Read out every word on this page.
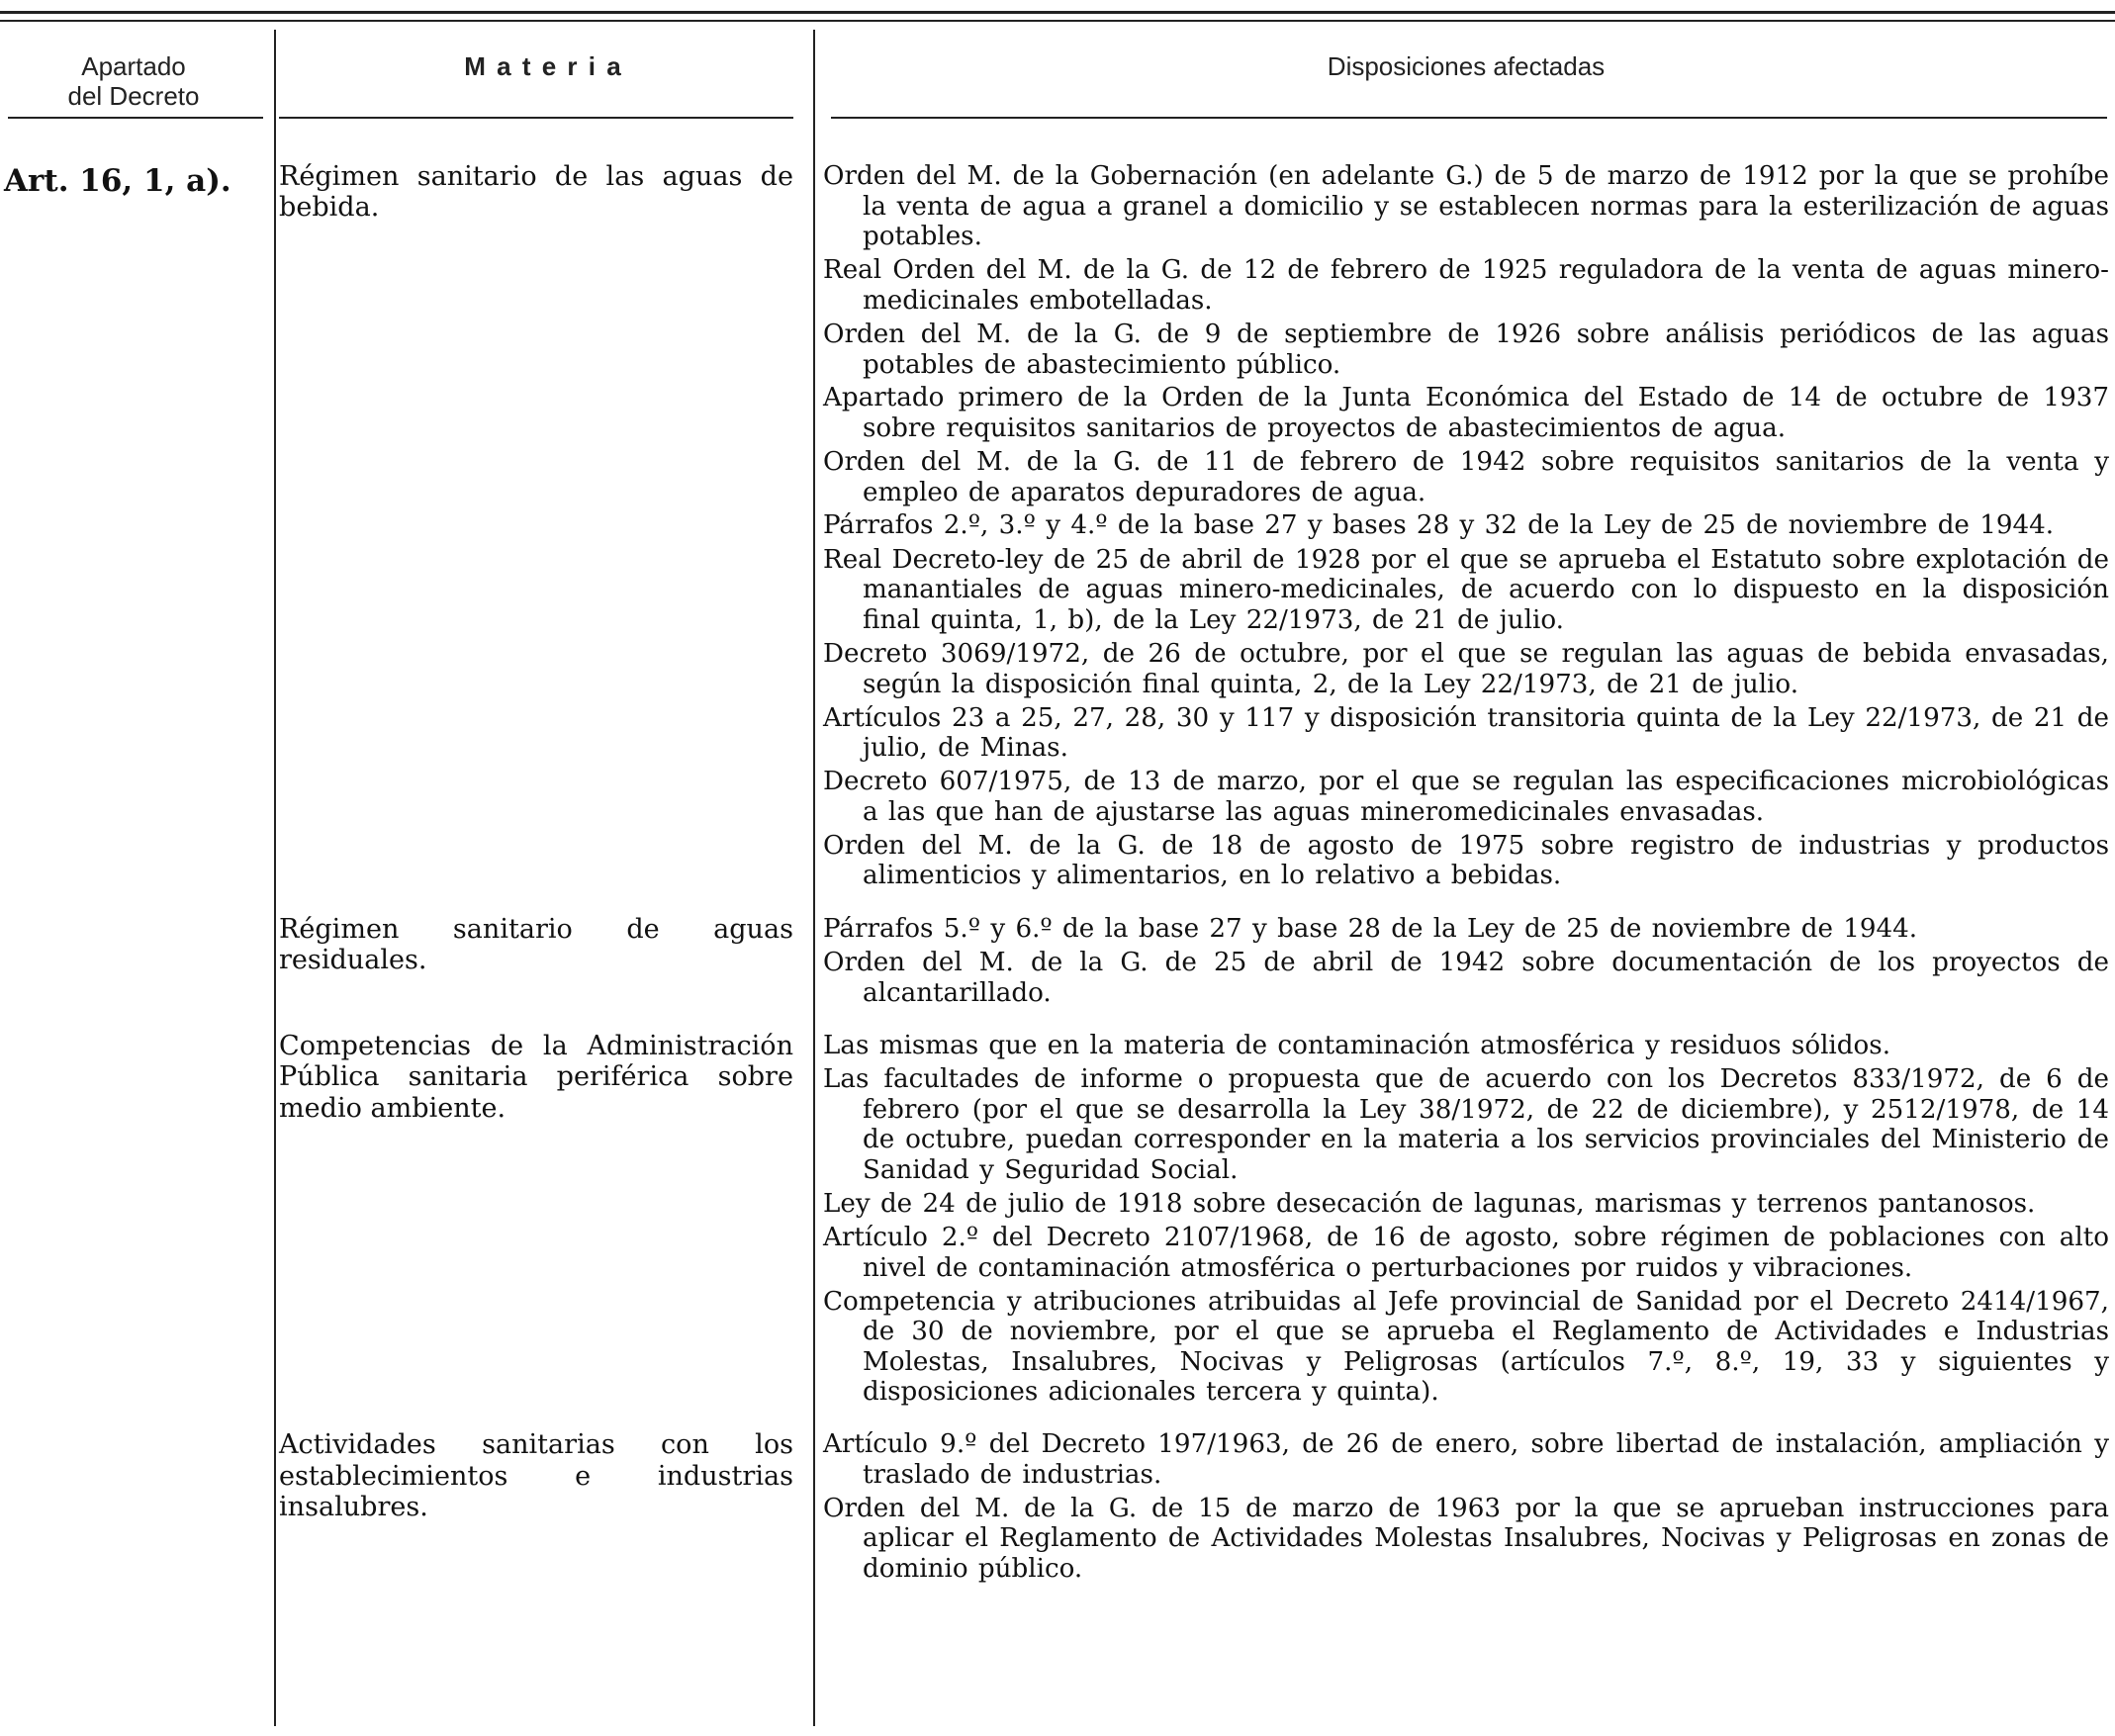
Apartado
del Decreto
M a t e r i a	Disposiciones afectadas
Art. 16, 1, a).	Régimen sanitario de las aguas de bebida.
Orden del M. de la Gobernación (en adelante G.) de 5 de marzo de 1912 por la que se prohíbe la venta de agua a granel a domicilio y se establecen normas para la esterilización de aguas potables.
Real Orden del M. de la G. de 12 de febrero de 1925 reguladora de la venta de aguas minero-medicinales embotelladas.
Orden del M. de la G. de 9 de septiembre de 1926 sobre análisis periódicos de las aguas potables de abastecimiento público.
Apartado primero de la Orden de la Junta Económica del Estado de 14 de octubre de 1937 sobre requisitos sanitarios de proyectos de abastecimientos de agua.
Orden del M. de la G. de 11 de febrero de 1942 sobre requisitos sanitarios de la venta y empleo de aparatos depuradores de agua.
Párrafos 2.º, 3.º y 4.º de la base 27 y bases 28 y 32 de la Ley de 25 de noviembre de 1944.
Real Decreto-ley de 25 de abril de 1928 por el que se aprueba el Estatuto sobre explotación de manantiales de aguas minero-medicinales, de acuerdo con lo dispuesto en la disposición final quinta, 1, b), de la Ley 22/1973, de 21 de julio.
Decreto 3069/1972, de 26 de octubre, por el que se regulan las aguas de bebida envasadas, según la disposición final quinta, 2, de la Ley 22/1973, de 21 de julio.
Artículos 23 a 25, 27, 28, 30 y 117 y disposición transitoria quinta de la Ley 22/1973, de 21 de julio, de Minas.
Decreto 607/1975, de 13 de marzo, por el que se regulan las especificaciones microbiológicas a las que han de ajustarse las aguas mineromedicinales envasadas.
Orden del M. de la G. de 18 de agosto de 1975 sobre registro de industrias y productos alimenticios y alimentarios, en lo relativo a bebidas.
Régimen sanitario de aguas residuales.
Párrafos 5.º y 6.º de la base 27 y base 28 de la Ley de 25 de noviembre de 1944.
Orden del M. de la G. de 25 de abril de 1942 sobre documentación de los proyectos de alcantarillado.
Competencias de la Administración Pública sanitaria periférica sobre medio ambiente.
Las mismas que en la materia de contaminación atmosférica y residuos sólidos.
Las facultades de informe o propuesta que de acuerdo con los Decretos 833/1972, de 6 de febrero (por el que se desarrolla la Ley 38/1972, de 22 de diciembre), y 2512/1978, de 14 de octubre, puedan corresponder en la materia a los servicios provinciales del Ministerio de Sanidad y Seguridad Social.
Ley de 24 de julio de 1918 sobre desecación de lagunas, marismas y terrenos pantanosos.
Artículo 2.º del Decreto 2107/1968, de 16 de agosto, sobre régimen de poblaciones con alto nivel de contaminación atmosférica o perturbaciones por ruidos y vibraciones.
Competencia y atribuciones atribuidas al Jefe provincial de Sanidad por el Decreto 2414/1967, de 30 de noviembre, por el que se aprueba el Reglamento de Actividades e Industrias Molestas, Insalubres, Nocivas y Peligrosas (artículos 7.º, 8.º, 19, 33 y siguientes y disposiciones adicionales tercera y quinta).
Actividades sanitarias con los establecimientos e industrias insalubres.
Artículo 9.º del Decreto 197/1963, de 26 de enero, sobre libertad de instalación, ampliación y traslado de industrias.
Orden del M. de la G. de 15 de marzo de 1963 por la que se aprueban instrucciones para aplicar el Reglamento de Actividades Molestas Insalubres, Nocivas y Peligrosas en zonas de dominio público.
